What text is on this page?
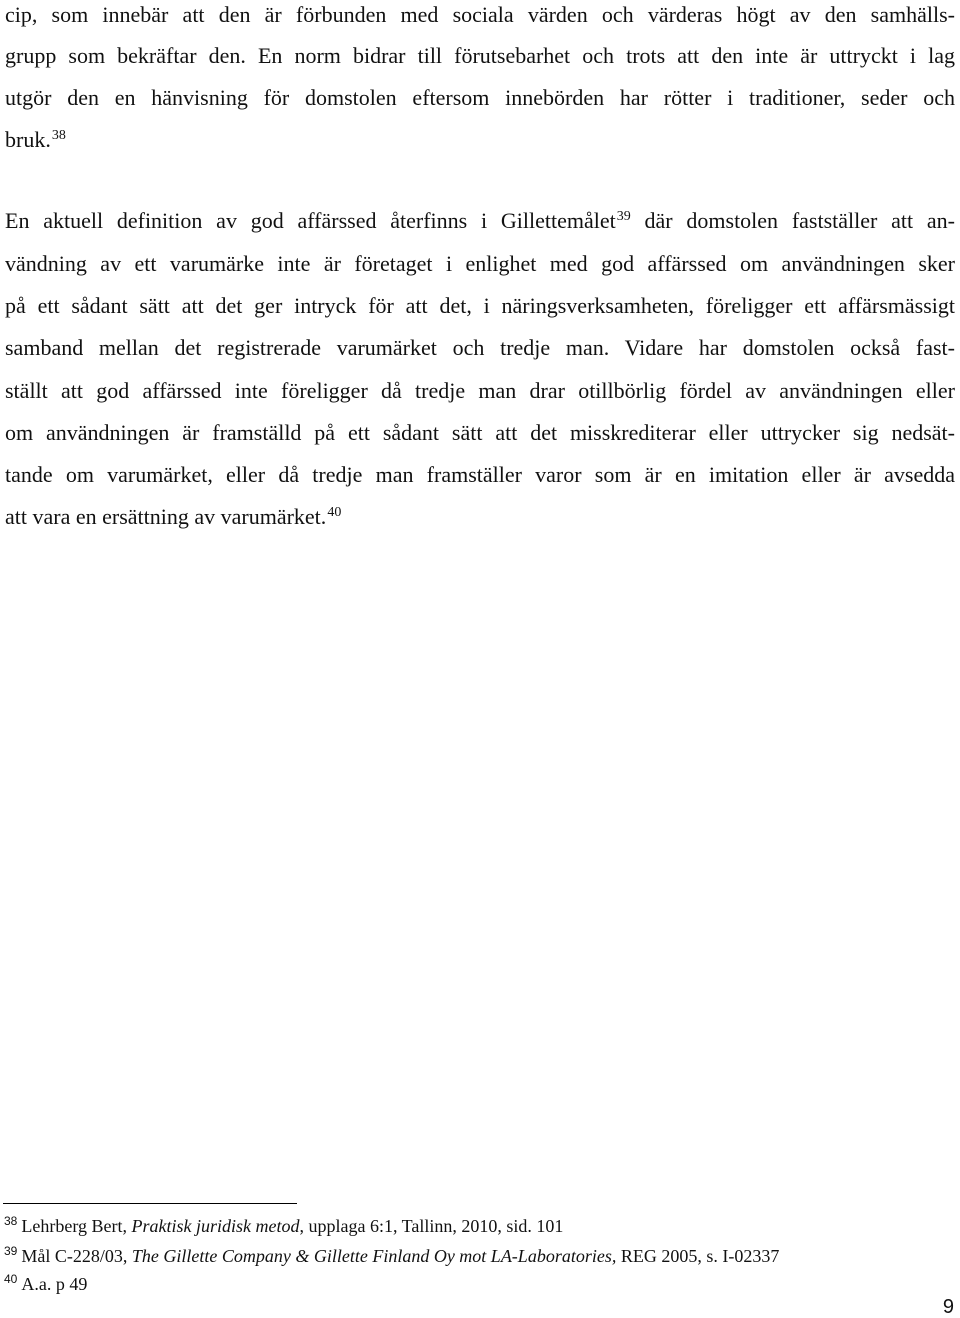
cip, som innebär att den är förbunden med sociala värden och värderas högt av den samhälls-
grupp som bekräftar den. En norm bidrar till förutsebarhet och trots att den inte är uttryckt i lag
utgör den en hänvisning för domstolen eftersom innebörden har rötter i traditioner, seder och
bruk.$^{38}$
En aktuell definition av god affärssed återfinns i Gillettemålet$^{39}$ där domstolen fastställer att an-
vändning av ett varumärke inte är företaget i enlighet med god affärssed om användningen sker
på ett sådant sätt att det ger intryck för att det, i näringsverksamheten, föreligger ett affärsmässigt
samband mellan det registrerade varumärket och tredje man. Vidare har domstolen också fast-
ställt att god affärssed inte föreligger då tredje man drar otillbörlig fördel av användningen eller
om användningen är framställd på ett sådant sätt att det misskrediterar eller uttrycker sig nedsät-
tande om varumärket, eller då tredje man framställer varor som är en imitation eller är avsedda
att vara en ersättning av varumärket.$^{40}$
$^{38}$ Lehrberg Bert, Praktisk juridisk metod, upplaga 6:1, Tallinn, 2010, sid. 101
$^{39}$ Mål C-228/03, The Gillette Company & Gillette Finland Oy mot LA-Laboratories, REG 2005, s. I-02337
$^{40}$ A.a. p 49
9
